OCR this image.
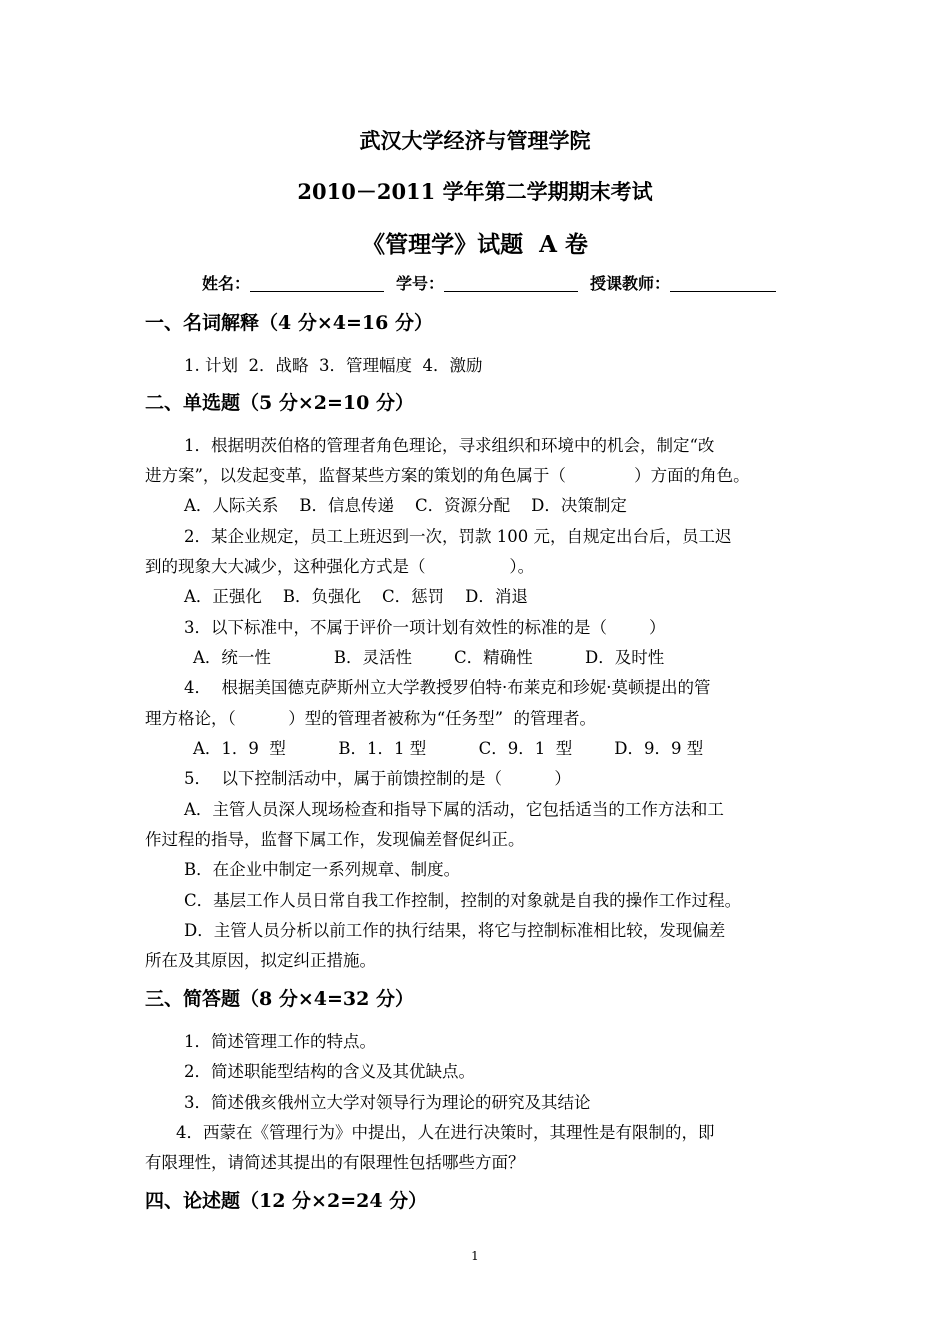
武汉大学经济与管理学院
2010－2011 学年第二学期期末考试
《管理学》试题  A 卷
姓名：	学号：	授课教师：
一、名词解释（4 分×4=16 分）
1. 计划  2．战略  3．管理幅度  4．激励
二、单选题（5 分×2=10 分）
1．根据明茨伯格的管理者角色理论，寻求组织和环境中的机会，制定“改
进方案”，以发起变革，监督某些方案的策划的角色属于（             ）方面的角色。
A．人际关系    B．信息传递    C．资源分配    D．决策制定
2．某企业规定，员工上班迟到一次，罚款 100 元，自规定出台后，员工迟
到的现象大大减少，这种强化方式是（                ）。
A．正强化    B．负强化    C．惩罚    D．消退
3．以下标准中，不属于评价一项计划有效性的标准的是（        ）
A．统一性            B．灵活性        C．精确性          D．及时性
4．  根据美国德克萨斯州立大学教授罗伯特·布莱克和珍妮·莫顿提出的管
理方格论，（          ）型的管理者被称为“任务型”  的管理者。
A．1．9  型          B．1．1 型          C．9．1  型        D．9．9 型
5．  以下控制活动中，属于前馈控制的是（          ）
A．主管人员深人现场检查和指导下属的活动，它包括适当的工作方法和工
作过程的指导，监督下属工作，发现偏差督促纠正。
B．在企业中制定一系列规章、制度。
C．基层工作人员日常自我工作控制，控制的对象就是自我的操作工作过程。
D．主管人员分析以前工作的执行结果，将它与控制标准相比较，发现偏差
所在及其原因，拟定纠正措施。
三、简答题（8 分×4=32 分）
1．简述管理工作的特点。
2．简述职能型结构的含义及其优缺点。
3．简述俄亥俄州立大学对领导行为理论的研究及其结论
4．西蒙在《管理行为》中提出，人在进行决策时，其理性是有限制的，即
有限理性，请简述其提出的有限理性包括哪些方面？
四、论述题（12 分×2=24 分）
1
